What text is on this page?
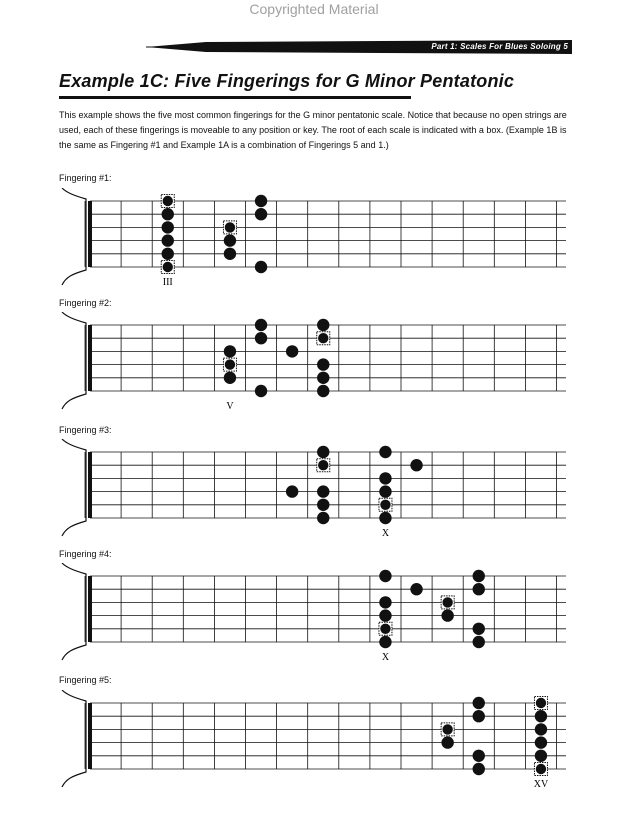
Copyrighted Material
Part 1: Scales For Blues Soloing 5
Example 1C: Five Fingerings for G Minor Pentatonic
This example shows the five most common fingerings for the G minor pentatonic scale. Notice that because no open strings are used, each of these fingerings is moveable to any position or key. The root of each scale is indicated with a box. (Example 1B is the same as Fingering #1 and Example 1A is a combination of Fingerings 5 and 1.)
Fingering #1:
III
Fingering #2:
V
Fingering #3:
X
Fingering #4:
X
Fingering #5:
XV
